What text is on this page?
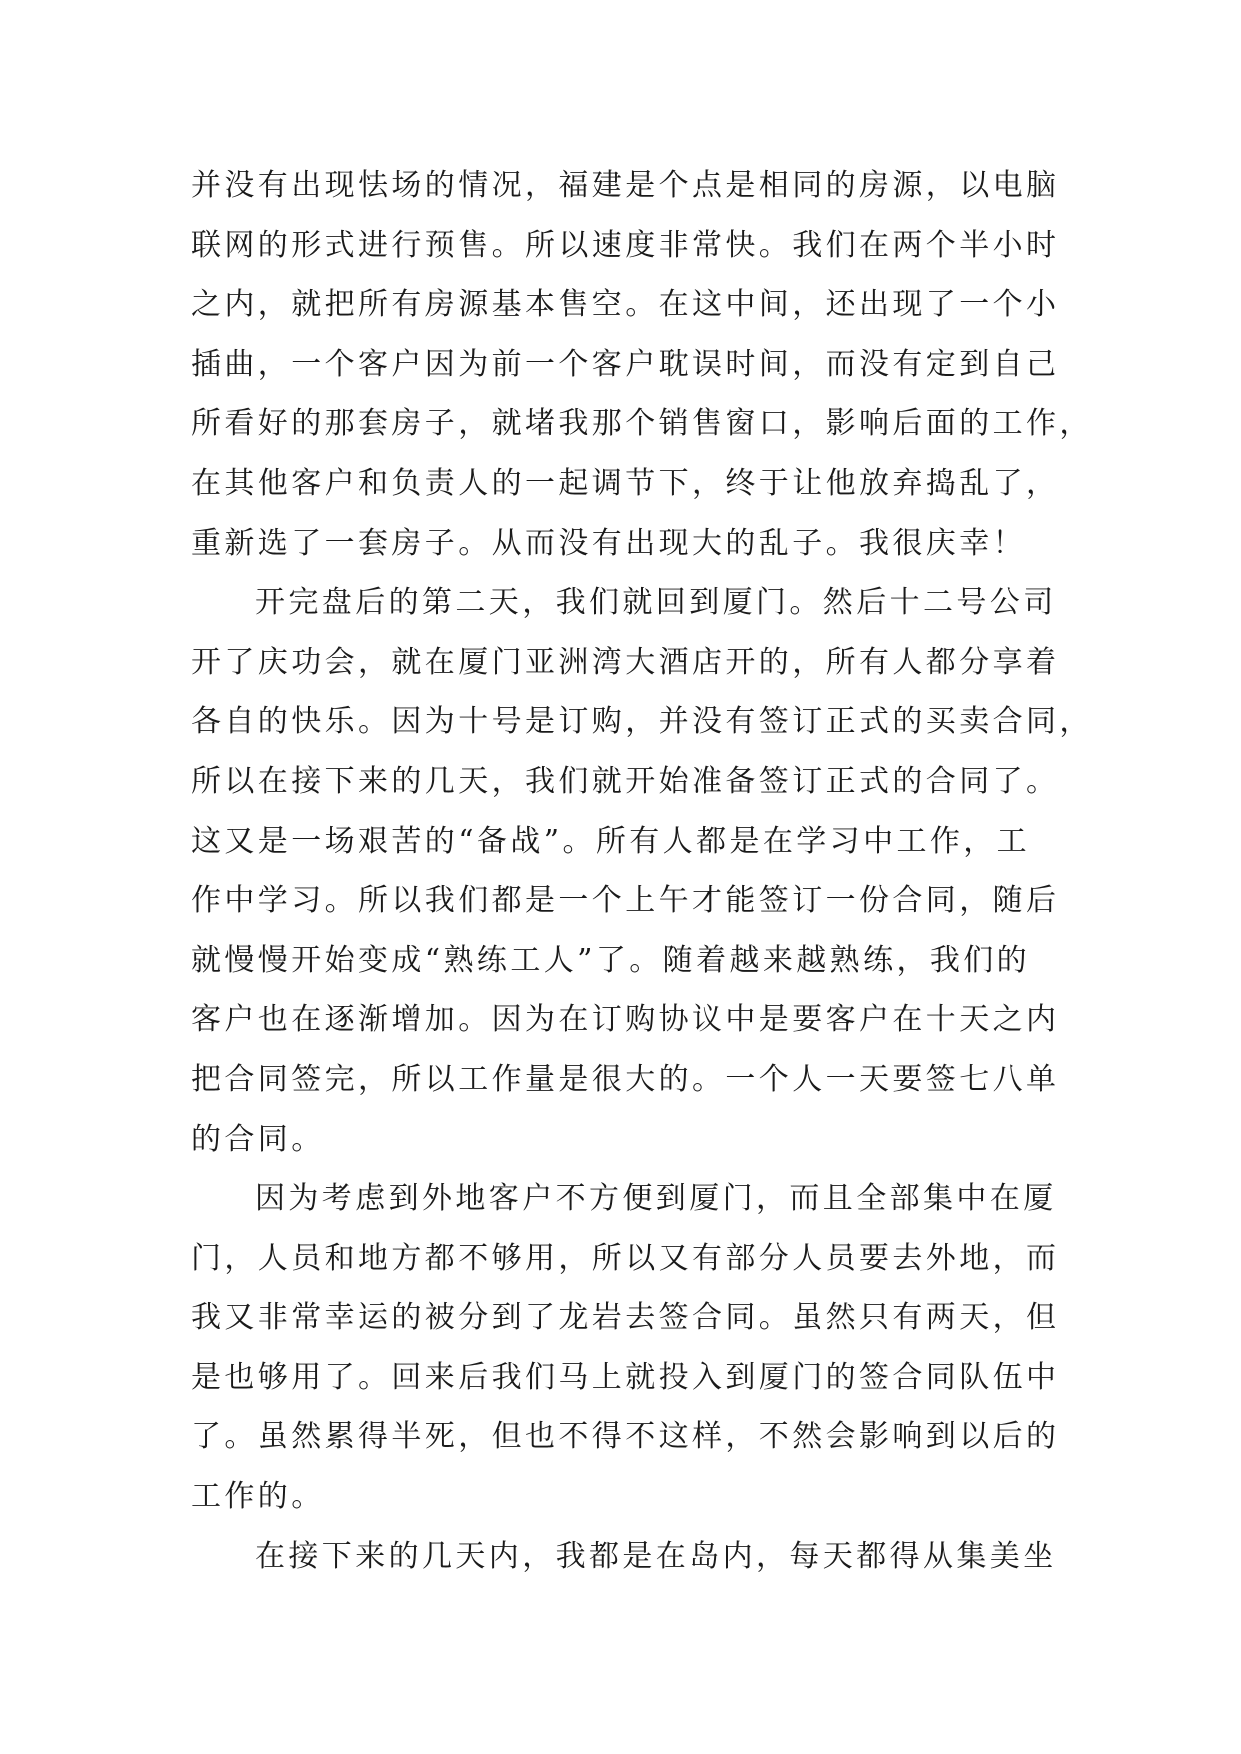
并没有出现怯场的情况，福建是个点是相同的房源，以电脑
联网的形式进行预售。所以速度非常快。我们在两个半小时
之内，就把所有房源基本售空。在这中间，还出现了一个小
插曲，一个客户因为前一个客户耽误时间，而没有定到自己
所看好的那套房子，就堵我那个销售窗口，影响后面的工作，
在其他客户和负责人的一起调节下，终于让他放弃捣乱了，
重新选了一套房子。从而没有出现大的乱子。我很庆幸！
开完盘后的第二天，我们就回到厦门。然后十二号公司
开了庆功会，就在厦门亚洲湾大酒店开的，所有人都分享着
各自的快乐。因为十号是订购，并没有签订正式的买卖合同，
所以在接下来的几天，我们就开始准备签订正式的合同了。
这又是一场艰苦的“备战”。所有人都是在学习中工作，工
作中学习。所以我们都是一个上午才能签订一份合同，随后
就慢慢开始变成“熟练工人”了。随着越来越熟练，我们的
客户也在逐渐增加。因为在订购协议中是要客户在十天之内
把合同签完，所以工作量是很大的。一个人一天要签七八单
的合同。
因为考虑到外地客户不方便到厦门，而且全部集中在厦
门，人员和地方都不够用，所以又有部分人员要去外地，而
我又非常幸运的被分到了龙岩去签合同。虽然只有两天，但
是也够用了。回来后我们马上就投入到厦门的签合同队伍中
了。虽然累得半死，但也不得不这样，不然会影响到以后的
工作的。
在接下来的几天内，我都是在岛内，每天都得从集美坐
